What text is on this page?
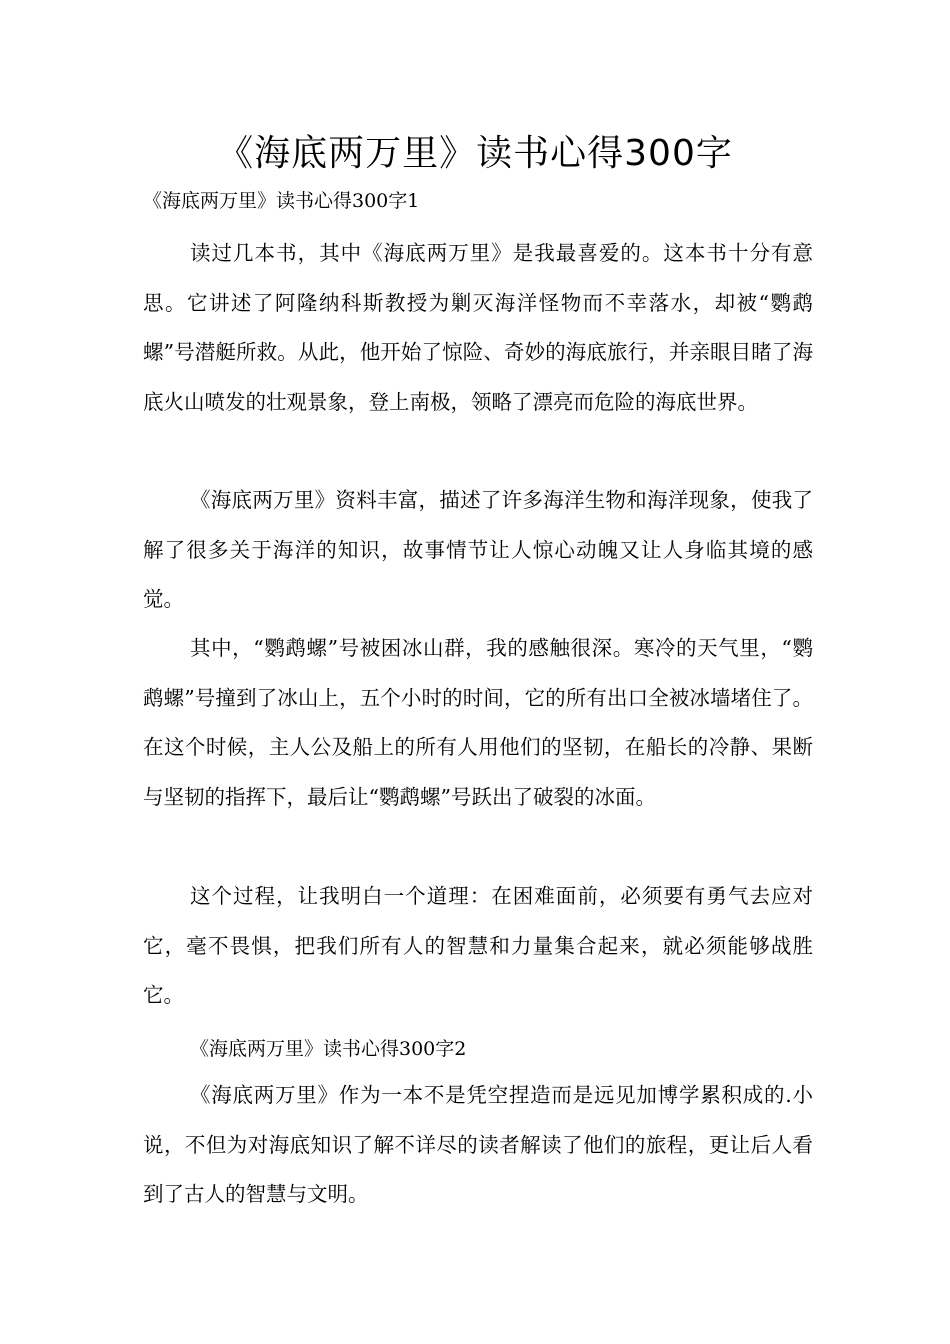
《海底两万里》读书心得300字
《海底两万里》读书心得300字1

读过几本书，其中《海底两万里》是我最喜爱的。这本书十分有意思。它讲述了阿隆纳科斯教授为剿灭海洋怪物而不幸落水，却被“鹦鹉螺”号潜艇所救。从此，他开始了惊险、奇妙的海底旅行，并亲眼目睹了海底火山喷发的壮观景象，登上南极，领略了漂亮而危险的海底世界。

《海底两万里》资料丰富，描述了许多海洋生物和海洋现象，使我了解了很多关于海洋的知识，故事情节让人惊心动魄又让人身临其境的感觉。

其中，“鹦鹉螺”号被困冰山群，我的感触很深。寒冷的天气里，“鹦鹉螺”号撞到了冰山上，五个小时的时间，它的所有出口全被冰墙堵住了。在这个时候，主人公及船上的所有人用他们的坚韧，在船长的冷静、果断与坚韧的指挥下，最后让“鹦鹉螺”号跃出了破裂的冰面。

这个过程，让我明白一个道理：在困难面前，必须要有勇气去应对它，毫不畏惧，把我们所有人的智慧和力量集合起来，就必须能够战胜它。

《海底两万里》读书心得300字2

《海底两万里》作为一本不是凭空捏造而是远见加博学累积成的.小说，不但为对海底知识了解不详尽的读者解读了他们的旅程，更让后人看到了古人的智慧与文明。
